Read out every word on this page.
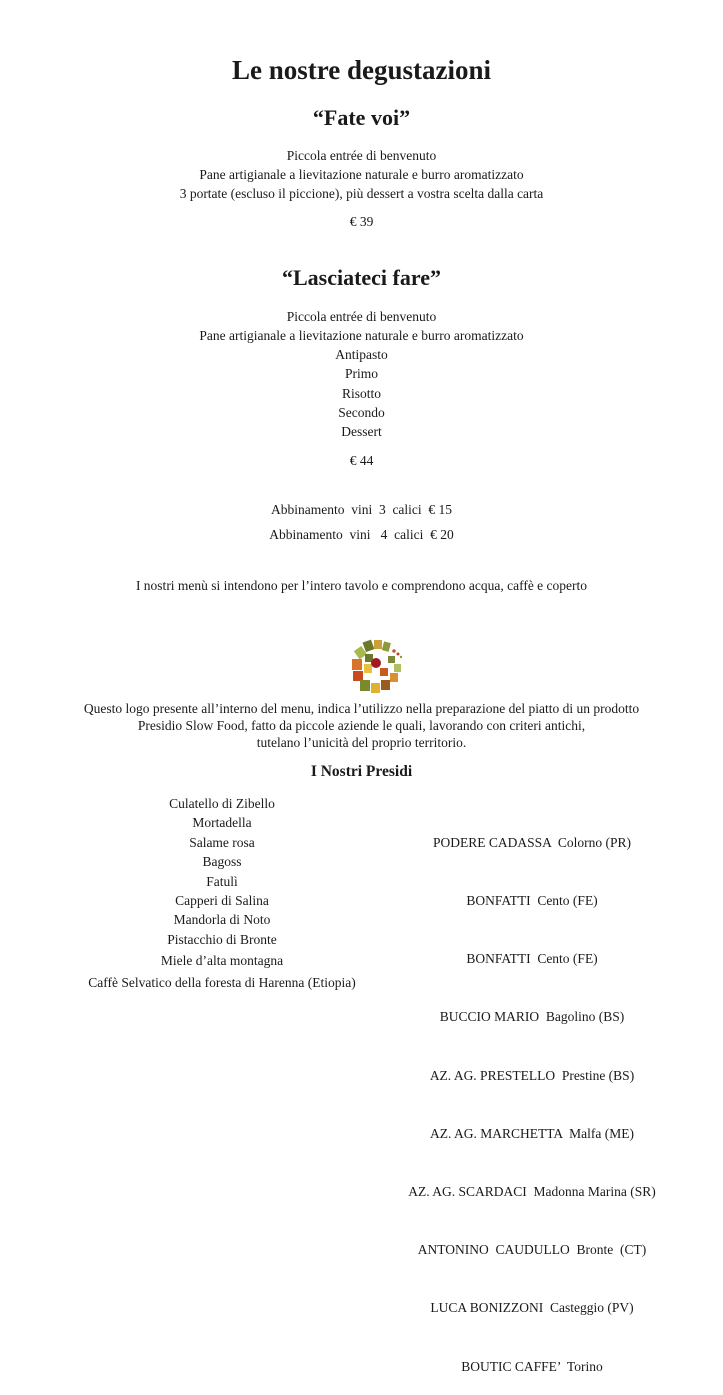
Le nostre degustazioni
“Fate voi”
Piccola entrée di benvenuto
Pane artigianale a lievitazione naturale e burro aromatizzato
3 portate (escluso il piccione), più dessert a vostra scelta dalla carta
€ 39
“Lasciateci fare”
Piccola entrée di benvenuto
Pane artigianale a lievitazione naturale e burro aromatizzato
Antipasto
Primo
Risotto
Secondo
Dessert
€ 44
Abbinamento  vini  3  calici  € 15
Abbinamento  vini   4  calici  € 20
I nostri menù si intendono per l’intero tavolo e comprendono acqua, caffè e coperto
Questo logo presente all’interno del menu, indica l’utilizzo nella preparazione del piatto di un prodotto
Presidio Slow Food, fatto da piccole aziende le quali, lavorando con criteri antichi,
tutelano l’unicità del proprio territorio.
I Nostri Presidi
Culatello di Zibello
Mortadella
Salame rosa
Bagoss
Fatulì
Capperi di Salina
Mandorla di Noto
Pistacchio di Bronte
Miele d’alta montagna
Caffè Selvatico della foresta di Harenna (Etiopia)

PODERE CADASSA  Colorno (PR)

BONFATTI  Cento (FE)

BONFATTI  Cento (FE)

BUCCIO MARIO  Bagolino (BS)

AZ. AG. PRESTELLO  Prestine (BS)

AZ. AG. MARCHETTA  Malfa (ME)

AZ. AG. SCARDACI  Madonna Marina (SR)

ANTONINO  CAUDULLO  Bronte  (CT)

LUCA BONIZZONI  Casteggio (PV)

BOUTIC CAFFE’  Torino
